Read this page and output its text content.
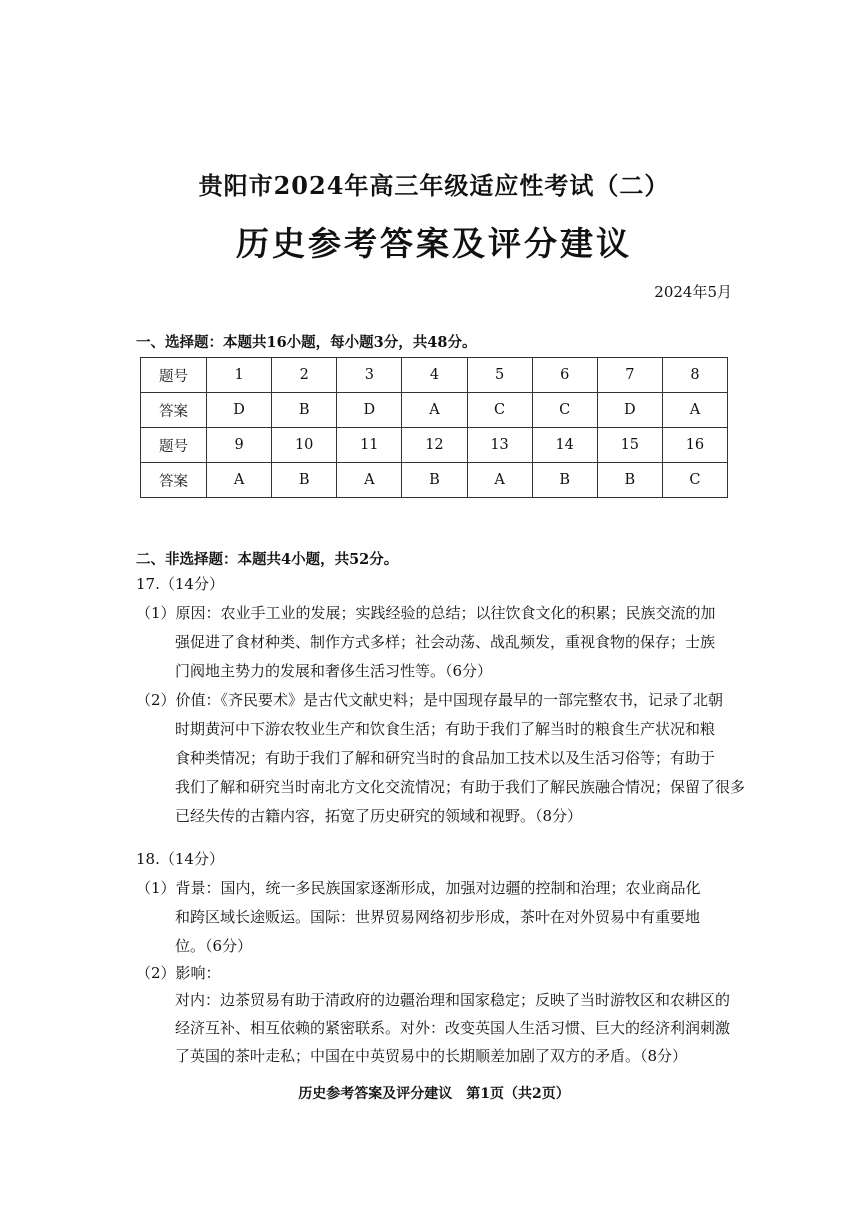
贵阳市2024年高三年级适应性考试（二）
历史参考答案及评分建议
2024年5月
一、选择题：本题共16小题，每小题3分，共48分。
题号	1	2	3	4	5	6	7	8
答案	D	B	D	A	C	C	D	A
题号	9	10	11	12	13	14	15	16
答案	A	B	A	B	A	B	B	C
二、非选择题：本题共4小题，共52分。
17.（14分）
（1）原因：农业手工业的发展；实践经验的总结；以往饮食文化的积累；民族交流的加
强促进了食材种类、制作方式多样；社会动荡、战乱频发，重视食物的保存；士族
门阀地主势力的发展和奢侈生活习性等。（6分）
（2）价值：《齐民要术》是古代文献史料；是中国现存最早的一部完整农书，记录了北朝
时期黄河中下游农牧业生产和饮食生活；有助于我们了解当时的粮食生产状况和粮
食种类情况；有助于我们了解和研究当时的食品加工技术以及生活习俗等；有助于
我们了解和研究当时南北方文化交流情况；有助于我们了解民族融合情况；保留了很多
已经失传的古籍内容，拓宽了历史研究的领域和视野。（8分）
18.（14分）
（1）背景：国内，统一多民族国家逐渐形成，加强对边疆的控制和治理；农业商品化
和跨区域长途贩运。国际：世界贸易网络初步形成，茶叶在对外贸易中有重要地
位。（6分）
（2）影响：
对内：边茶贸易有助于清政府的边疆治理和国家稳定；反映了当时游牧区和农耕区的
经济互补、相互依赖的紧密联系。对外：改变英国人生活习惯、巨大的经济利润刺激
了英国的茶叶走私；中国在中英贸易中的长期顺差加剧了双方的矛盾。（8分）
历史参考答案及评分建议　第1页（共2页）
